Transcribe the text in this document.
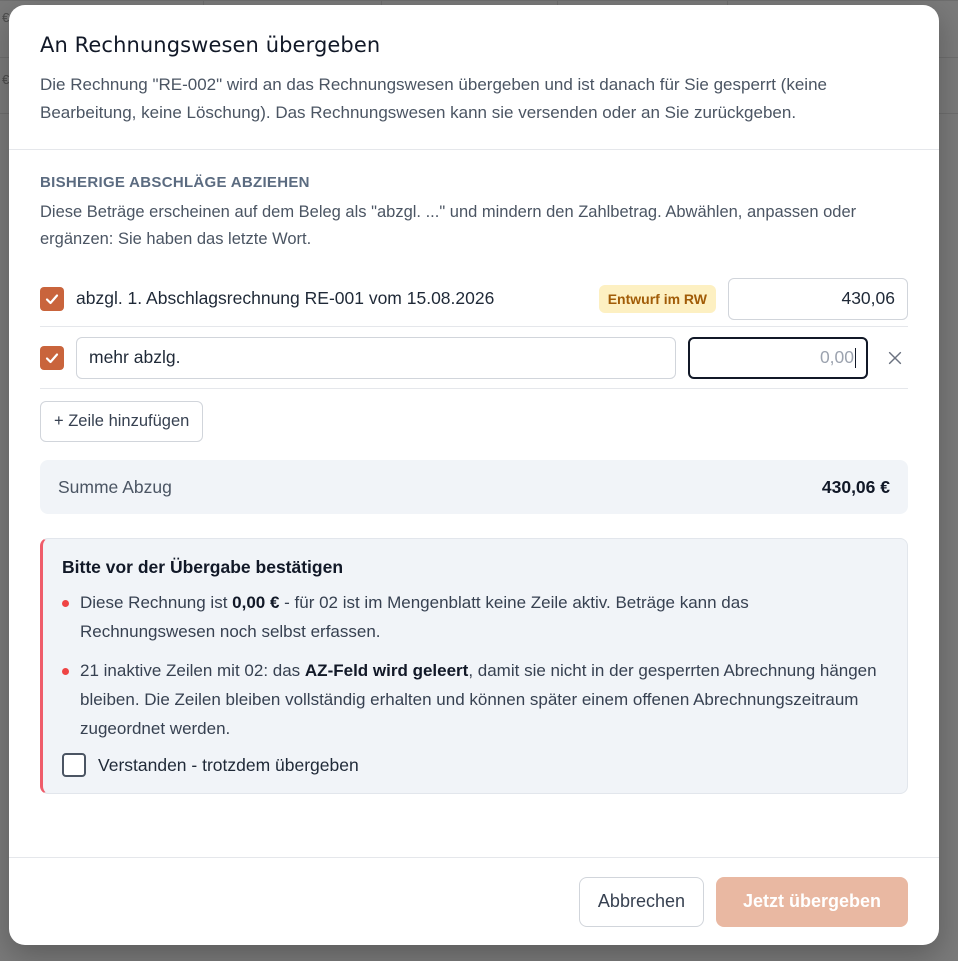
€
€
An Rechnungswesen übergeben
Die Rechnung "RE-002" wird an das Rechnungswesen übergeben und ist danach für Sie gesperrt (keine Bearbeitung, keine Löschung). Das Rechnungswesen kann sie versenden oder an Sie zurückgeben.
BISHERIGE ABSCHLÄGE ABZIEHEN
Diese Beträge erscheinen auf dem Beleg als "abzgl. ..." und mindern den Zahlbetrag. Abwählen, anpassen oder ergänzen: Sie haben das letzte Wort.
abzgl. 1. Abschlagsrechnung RE-001 vom 15.08.2026	Entwurf im RW	430,06
mehr abzlg.	0,00
+ Zeile hinzufügen
Summe Abzug	430,06 €
Bitte vor der Übergabe bestätigen
Diese Rechnung ist 0,00 € - für 02 ist im Mengenblatt keine Zeile aktiv. Beträge kann das Rechnungswesen noch selbst erfassen.
21 inaktive Zeilen mit 02: das AZ-Feld wird geleert, damit sie nicht in der gesperrten Abrechnung hängen bleiben. Die Zeilen bleiben vollständig erhalten und können später einem offenen Abrechnungszeitraum zugeordnet werden.
Verstanden - trotzdem übergeben
Abbrechen	Jetzt übergeben
